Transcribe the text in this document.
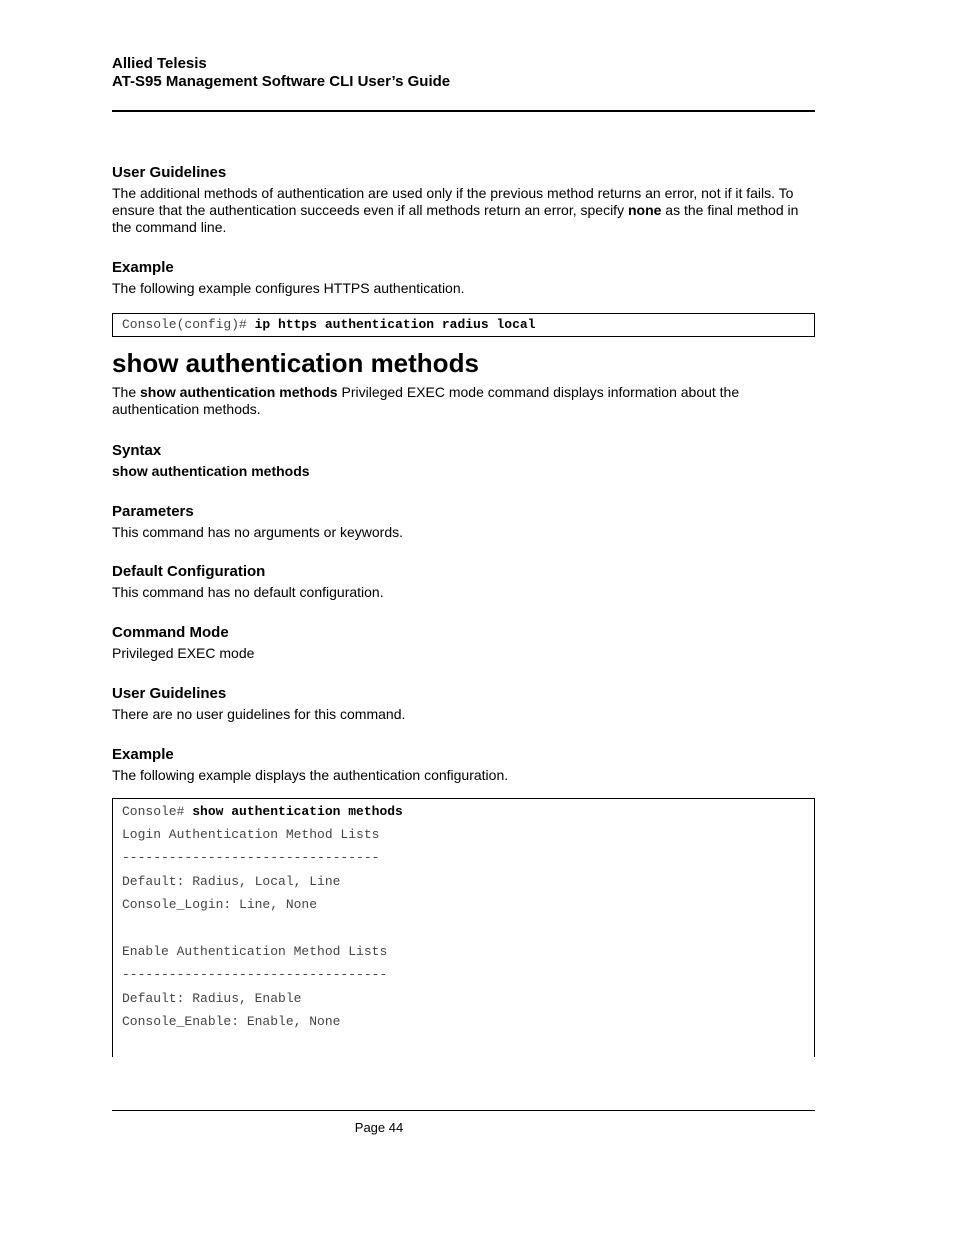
Allied Telesis
AT-S95 Management Software CLI User’s Guide
User Guidelines

The additional methods of authentication are used only if the previous method returns an error, not if it fails. To ensure that the authentication succeeds even if all methods return an error, specify none as the final method in the command line.

Example

The following example configures HTTPS authentication.

Console(config)# ip https authentication radius local
show authentication methods

The show authentication methods Privileged EXEC mode command displays information about the authentication methods.

Syntax

show authentication methods

Parameters

This command has no arguments or keywords.

Default Configuration

This command has no default configuration.

Command Mode

Privileged EXEC mode

User Guidelines

There are no user guidelines for this command.

Example

The following example displays the authentication configuration.

Console# show authentication methods
Login Authentication Method Lists
---------------------------------
Default: Radius, Local, Line
Console_Login: Line, None
Enable Authentication Method Lists
----------------------------------
Default: Radius, Enable
Console_Enable: Enable, None
Page 44
